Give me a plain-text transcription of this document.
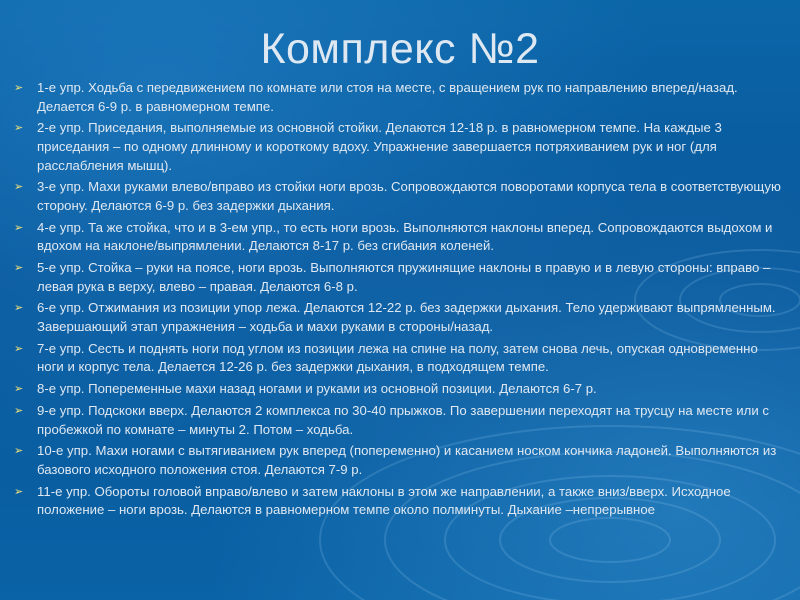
Комплекс №2
➢ 1-е упр. Ходьба с передвижением по комнате или стоя на месте, с вращением рук по направлению вперед/назад. Делается 6-9 р. в равномерном темпе.
➢ 2-е упр. Приседания, выполняемые из основной стойки. Делаются 12-18 р. в равномерном темпе. На каждые 3 приседания – по одному длинному и короткому вдоху. Упражнение завершается потряхиванием рук и ног (для расслабления мышц).
➢ 3-е упр. Махи руками влево/вправо из стойки ноги врозь. Сопровождаются поворотами корпуса тела в соответствующую сторону. Делаются 6-9 р. без задержки дыхания.
➢ 4-е упр. Та же стойка, что и в 3-ем упр., то есть ноги врозь. Выполняются наклоны вперед. Сопровождаются выдохом и вдохом на наклоне/выпрямлении. Делаются 8-17 р. без сгибания коленей.
➢ 5-е упр. Стойка – руки на поясе, ноги врозь. Выполняются пружинящие наклоны в правую и в левую стороны: вправо – левая рука в верху, влево – правая. Делаются 6-8 р.
➢ 6-е упр. Отжимания из позиции упор лежа. Делаются 12-22 р. без задержки дыхания. Тело удерживают выпрямленным. Завершающий этап упражнения – ходьба и махи руками в стороны/назад.
➢ 7-е упр. Сесть и поднять ноги под углом из позиции лежа на спине на полу, затем снова лечь, опуская одновременно ноги и корпус тела. Делается 12-26 р. без задержки дыхания, в подходящем темпе.
➢ 8-е упр. Попеременные махи назад ногами и руками из основной позиции. Делаются 6-7 р.
➢ 9-е упр. Подскоки вверх. Делаются 2 комплекса по 30-40 прыжков. По завершении переходят на трусцу на месте или с пробежкой по комнате – минуты 2. Потом – ходьба.
➢ 10-е упр. Махи ногами с вытягиванием рук вперед (попеременно) и касанием носком кончика ладоней. Выполняются из базового исходного положения стоя. Делаются 7-9 р.
➢ 11-е упр. Обороты головой вправо/влево и затем наклоны в этом же направлении, а также вниз/вверх. Исходное положение – ноги врозь. Делаются в равномерном темпе около полминуты. Дыхание –непрерывное
